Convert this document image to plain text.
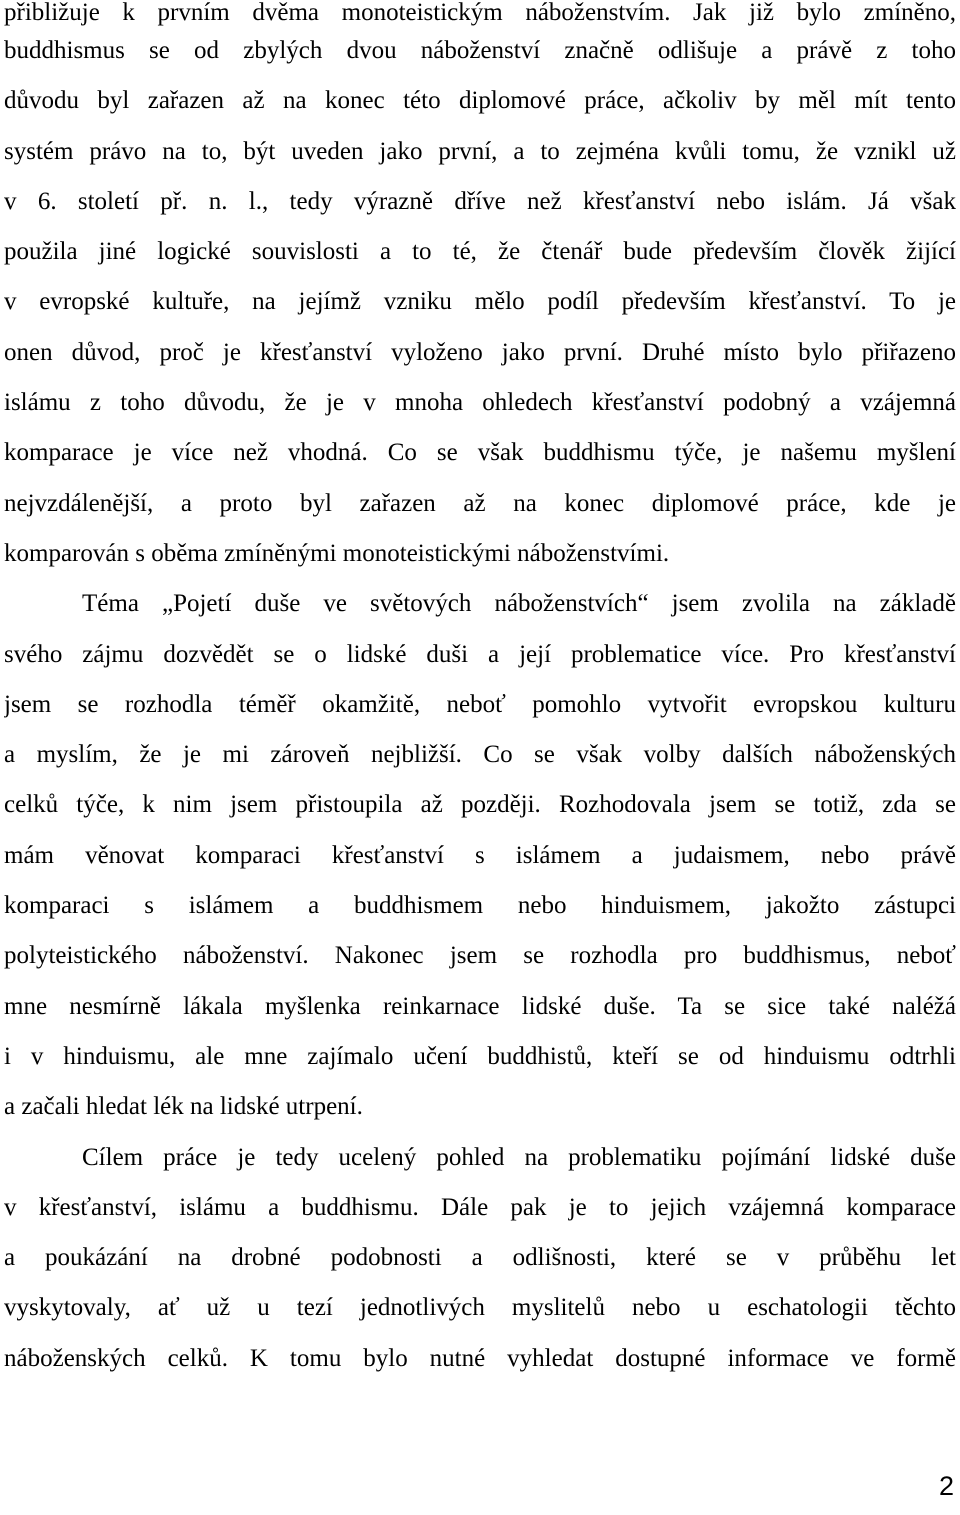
přibližuje k prvním dvěma monoteistickým náboženstvím. Jak již bylo zmíněno,
buddhismus se od zbylých dvou náboženství značně odlišuje a právě z toho
důvodu byl zařazen až na konec této diplomové práce, ačkoliv by měl mít tento
systém právo na to, být uveden jako první, a to zejména kvůli tomu, že vznikl už
v 6. století př. n. l., tedy výrazně dříve než křesťanství nebo islám. Já však
použila jiné logické souvislosti a to té, že čtenář bude především člověk žijící
v evropské kultuře, na jejímž vzniku mělo podíl především křesťanství. To je
onen důvod, proč je křesťanství vyloženo jako první. Druhé místo bylo přiřazeno
islámu z toho důvodu, že je v mnoha ohledech křesťanství podobný a vzájemná
komparace je více než vhodná. Co se však buddhismu týče, je našemu myšlení
nejvzdálenější, a proto byl zařazen až na konec diplomové práce, kde je
komparován s oběma zmíněnými monoteistickými náboženstvími.
Téma „Pojetí duše ve světových náboženstvích“ jsem zvolila na základě
svého zájmu dozvědět se o lidské duši a její problematice více. Pro křesťanství
jsem se rozhodla téměř okamžitě, neboť pomohlo vytvořit evropskou kulturu
a myslím, že je mi zároveň nejbližší. Co se však volby dalších náboženských
celků týče, k nim jsem přistoupila až později. Rozhodovala jsem se totiž, zda se
mám věnovat komparaci křesťanství s islámem a judaismem, nebo právě
komparaci s islámem a buddhismem nebo hinduismem, jakožto zástupci
polyteistického náboženství. Nakonec jsem se rozhodla pro buddhismus, neboť
mne nesmírně lákala myšlenka reinkarnace lidské duše. Ta se sice také naléžá
i v hinduismu, ale mne zajímalo učení buddhistů, kteří se od hinduismu odtrhli
a začali hledat lék na lidské utrpení.
Cílem práce je tedy ucelený pohled na problematiku pojímání lidské duše
v křesťanství, islámu a buddhismu. Dále pak je to jejich vzájemná komparace
a poukázání na drobné podobnosti a odlišnosti, které se v průběhu let
vyskytovaly, ať už u tezí jednotlivých myslitelů nebo u eschatologii těchto
náboženských celků. K tomu bylo nutné vyhledat dostupné informace ve formě
2
